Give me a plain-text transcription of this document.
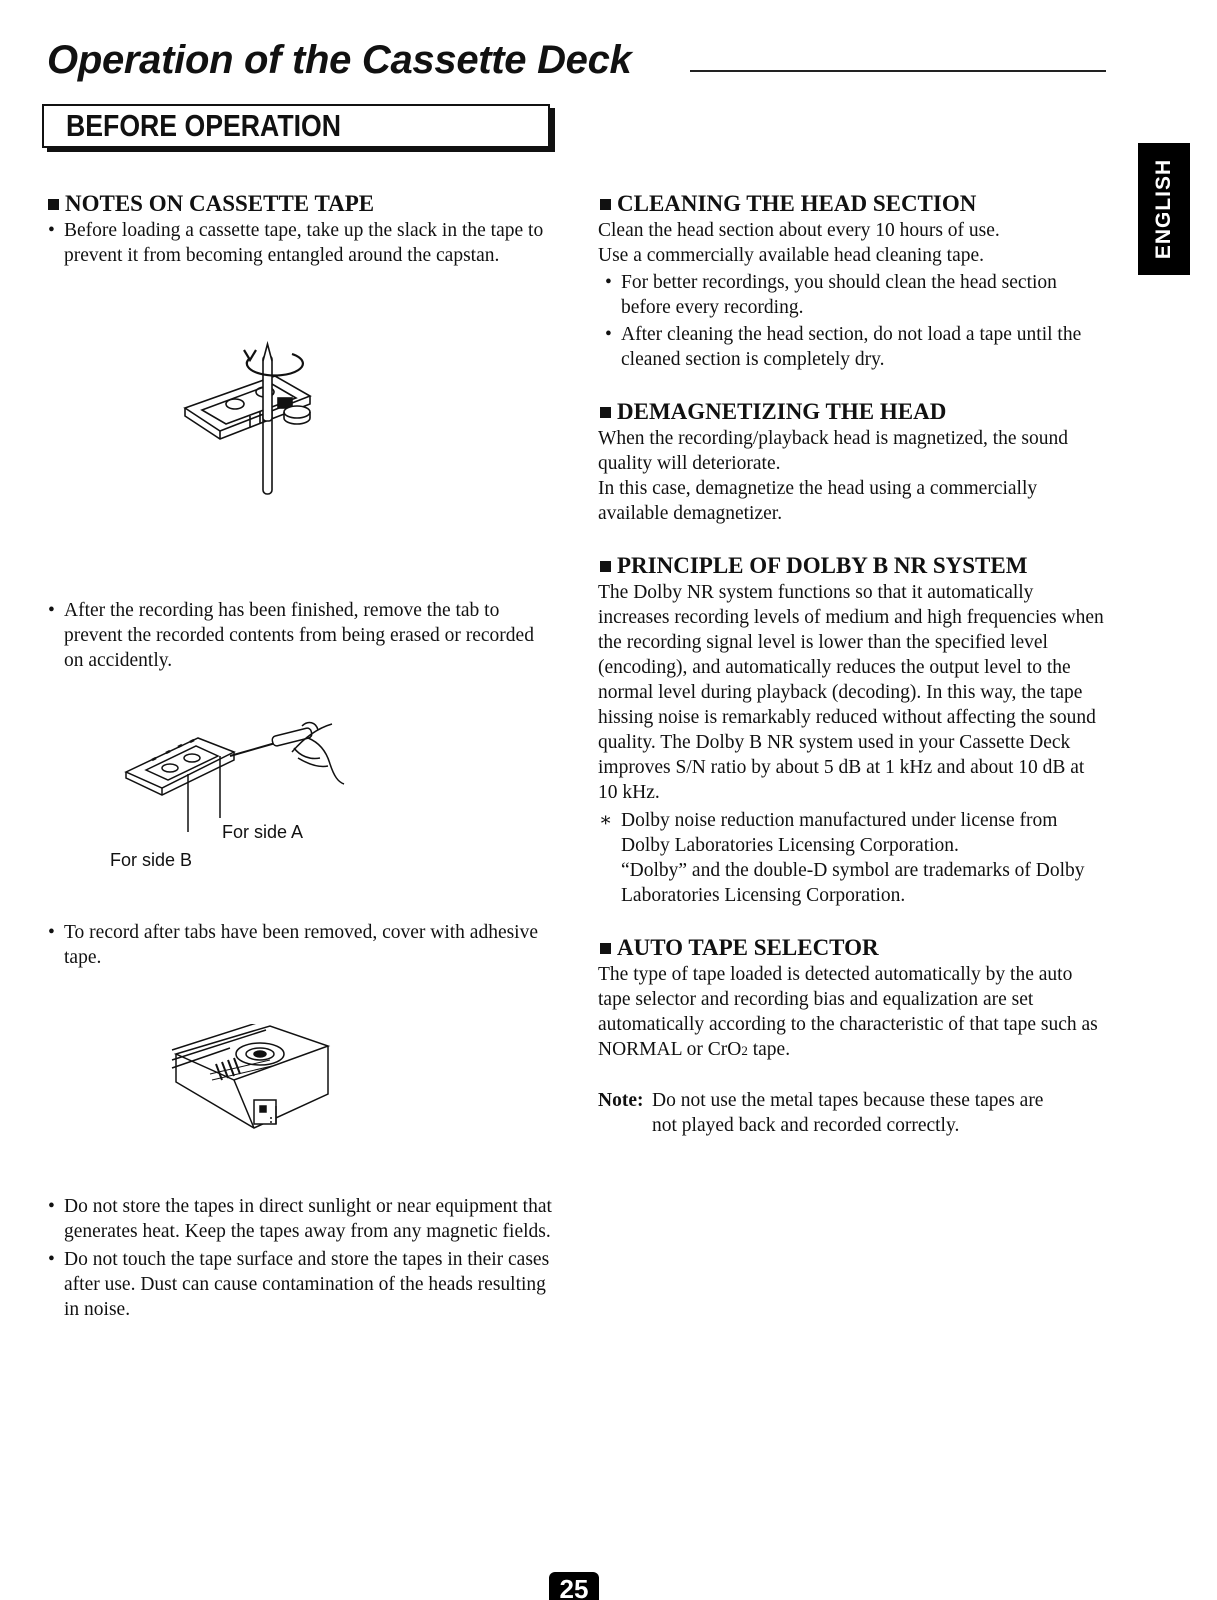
Operation of the Cassette Deck
BEFORE OPERATION
ENGLISH
NOTES ON CASSETTE TAPE

• Before loading a cassette tape, take up the slack in the tape to prevent it from becoming entangled around the capstan.

• After the recording has been finished, remove the tab to prevent the recorded contents from being erased or recorded on accidently.

• To record after tabs have been removed, cover with adhesive tape.

• Do not store the tapes in direct sunlight or near equipment that generates heat. Keep the tapes away from any magnetic fields.

• Do not touch the tape surface and store the tapes in their cases after use. Dust can cause contamination of the heads resulting in noise.

For side A
For side B
CLEANING THE HEAD SECTION

Clean the head section about every 10 hours of use.

Use a commercially available head cleaning tape.

• For better recordings, you should clean the head section before every recording.

• After cleaning the head section, do not load a tape until the cleaned section is completely dry.

DEMAGNETIZING THE HEAD

When the recording/playback head is magnetized, the sound quality will deteriorate.

In this case, demagnetize the head using a commercially available demagnetizer.

PRINCIPLE OF DOLBY B NR SYSTEM

The Dolby NR system functions so that it automatically increases recording levels of medium and high frequencies when the recording signal level is lower than the specified level (encoding), and automatically reduces the output level to the normal level during playback (decoding). In this way, the tape hissing noise is remarkably reduced without affecting the sound quality. The Dolby B NR system used in your Cassette Deck improves S/N ratio by about 5 dB at 1 kHz and about 10 dB at 10 kHz.

∗ Dolby noise reduction manufactured under license from Dolby Laboratories Licensing Corporation.

“Dolby” and the double-D symbol are trademarks of Dolby Laboratories Licensing Corporation.

AUTO TAPE SELECTOR

The type of tape loaded is detected automatically by the auto tape selector and recording bias and equalization are set automatically according to the characteristic of that tape such as NORMAL or CrO2 tape.

Note: Do not use the metal tapes because these tapes are

not played back and recorded correctly.

25
